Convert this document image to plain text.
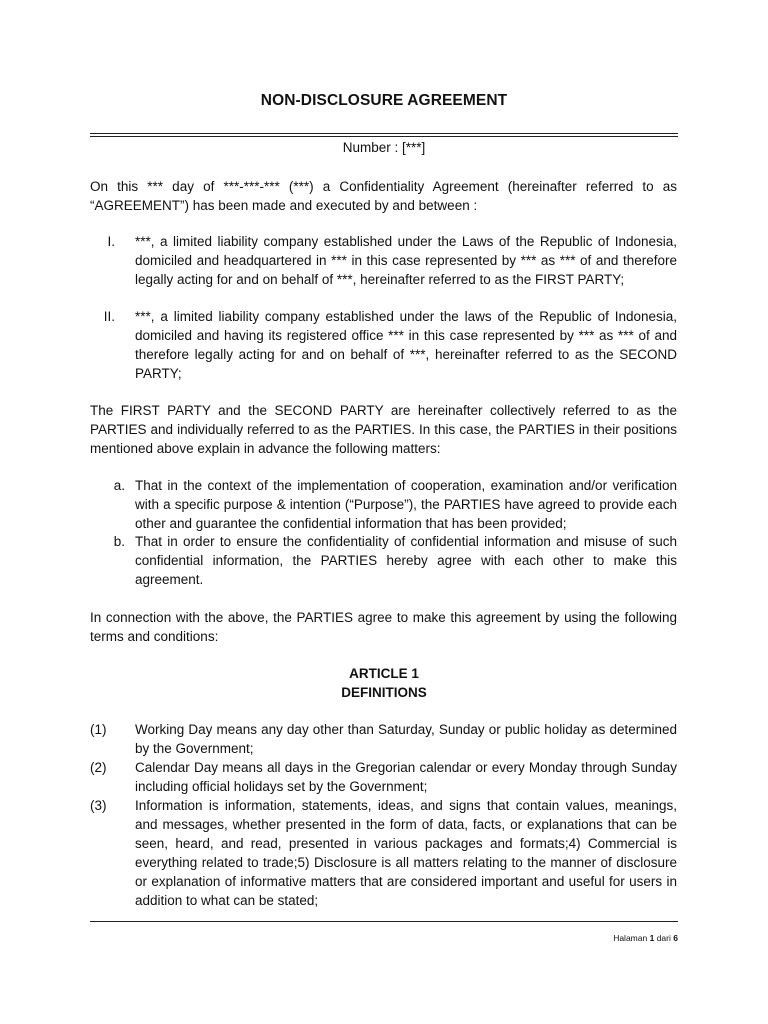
NON-DISCLOSURE AGREEMENT
Number : [***]
On this *** day of ***-***-*** (***) a Confidentiality Agreement (hereinafter referred to as “AGREEMENT”) has been made and executed by and between :
I. ***, a limited liability company established under the Laws of the Republic of Indonesia, domiciled and headquartered in *** in this case represented by *** as *** of and therefore legally acting for and on behalf of ***, hereinafter referred to as the FIRST PARTY;
II. ***, a limited liability company established under the laws of the Republic of Indonesia, domiciled and having its registered office *** in this case represented by *** as *** of and therefore legally acting for and on behalf of ***, hereinafter referred to as the SECOND PARTY;
The FIRST PARTY and the SECOND PARTY are hereinafter collectively referred to as the PARTIES and individually referred to as the PARTIES. In this case, the PARTIES in their positions mentioned above explain in advance the following matters:
a. That in the context of the implementation of cooperation, examination and/or verification with a specific purpose & intention (“Purpose”), the PARTIES have agreed to provide each other and guarantee the confidential information that has been provided;
b. That in order to ensure the confidentiality of confidential information and misuse of such confidential information, the PARTIES hereby agree with each other to make this agreement.
In connection with the above, the PARTIES agree to make this agreement by using the following terms and conditions:
ARTICLE 1
DEFINITIONS
(1) Working Day means any day other than Saturday, Sunday or public holiday as determined by the Government;
(2) Calendar Day means all days in the Gregorian calendar or every Monday through Sunday including official holidays set by the Government;
(3) Information is information, statements, ideas, and signs that contain values, meanings, and messages, whether presented in the form of data, facts, or explanations that can be seen, heard, and read, presented in various packages and formats;4) Commercial is everything related to trade;5) Disclosure is all matters relating to the manner of disclosure or explanation of informative matters that are considered important and useful for users in addition to what can be stated;
Halaman 1 dari 6
